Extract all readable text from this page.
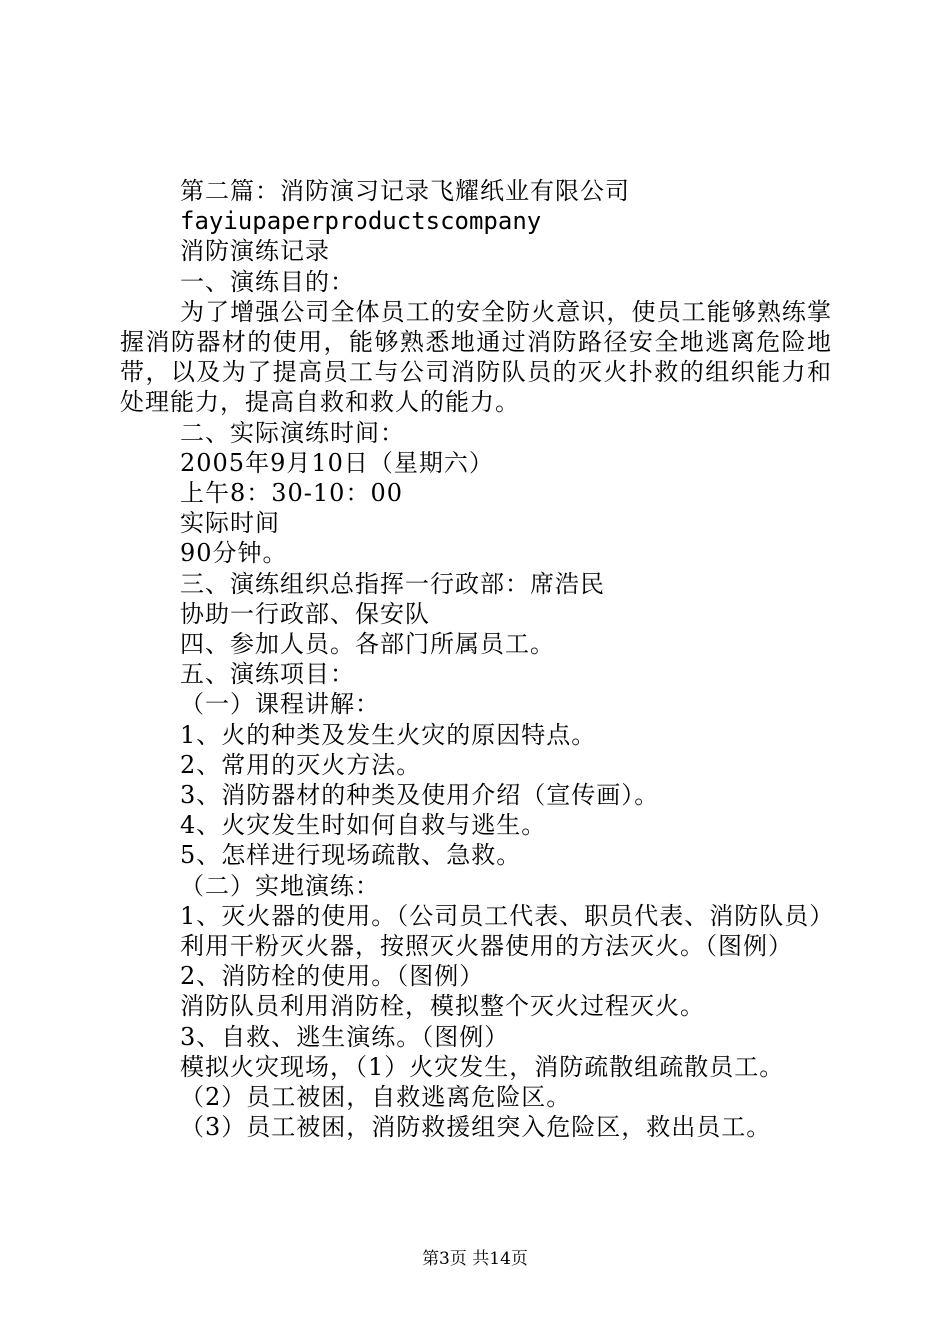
第二篇：消防演习记录飞耀纸业有限公司

fayiupaperproductscompany

消防演练记录

一、演练目的：

为了增强公司全体员工的安全防火意识，使员工能够熟练掌握消防器材的使用，能够熟悉地通过消防路径安全地逃离危险地带，以及为了提高员工与公司消防队员的灭火扑救的组织能力和处理能力，提高自救和救人的能力。

二、实际演练时间：

2005年9月10日（星期六）

上午8：30-10：00

实际时间

90分钟。

三、演练组织总指挥一行政部：席浩民

协助一行政部、保安队

四、参加人员。各部门所属员工。

五、演练项目：

（一）课程讲解：

1、火的种类及发生火灾的原因特点。

2、常用的灭火方法。

3、消防器材的种类及使用介绍（宣传画）。

4、火灾发生时如何自救与逃生。

5、怎样进行现场疏散、急救。

（二）实地演练：

1、灭火器的使用。（公司员工代表、职员代表、消防队员）

利用干粉灭火器，按照灭火器使用的方法灭火。（图例）

2、消防栓的使用。（图例）

消防队员利用消防栓，模拟整个灭火过程灭火。

3、自救、逃生演练。（图例）

模拟火灾现场，（1）火灾发生，消防疏散组疏散员工。

（2）员工被困，自救逃离危险区。

（3）员工被困，消防救援组突入危险区，救出员工。

第3页 共14页
